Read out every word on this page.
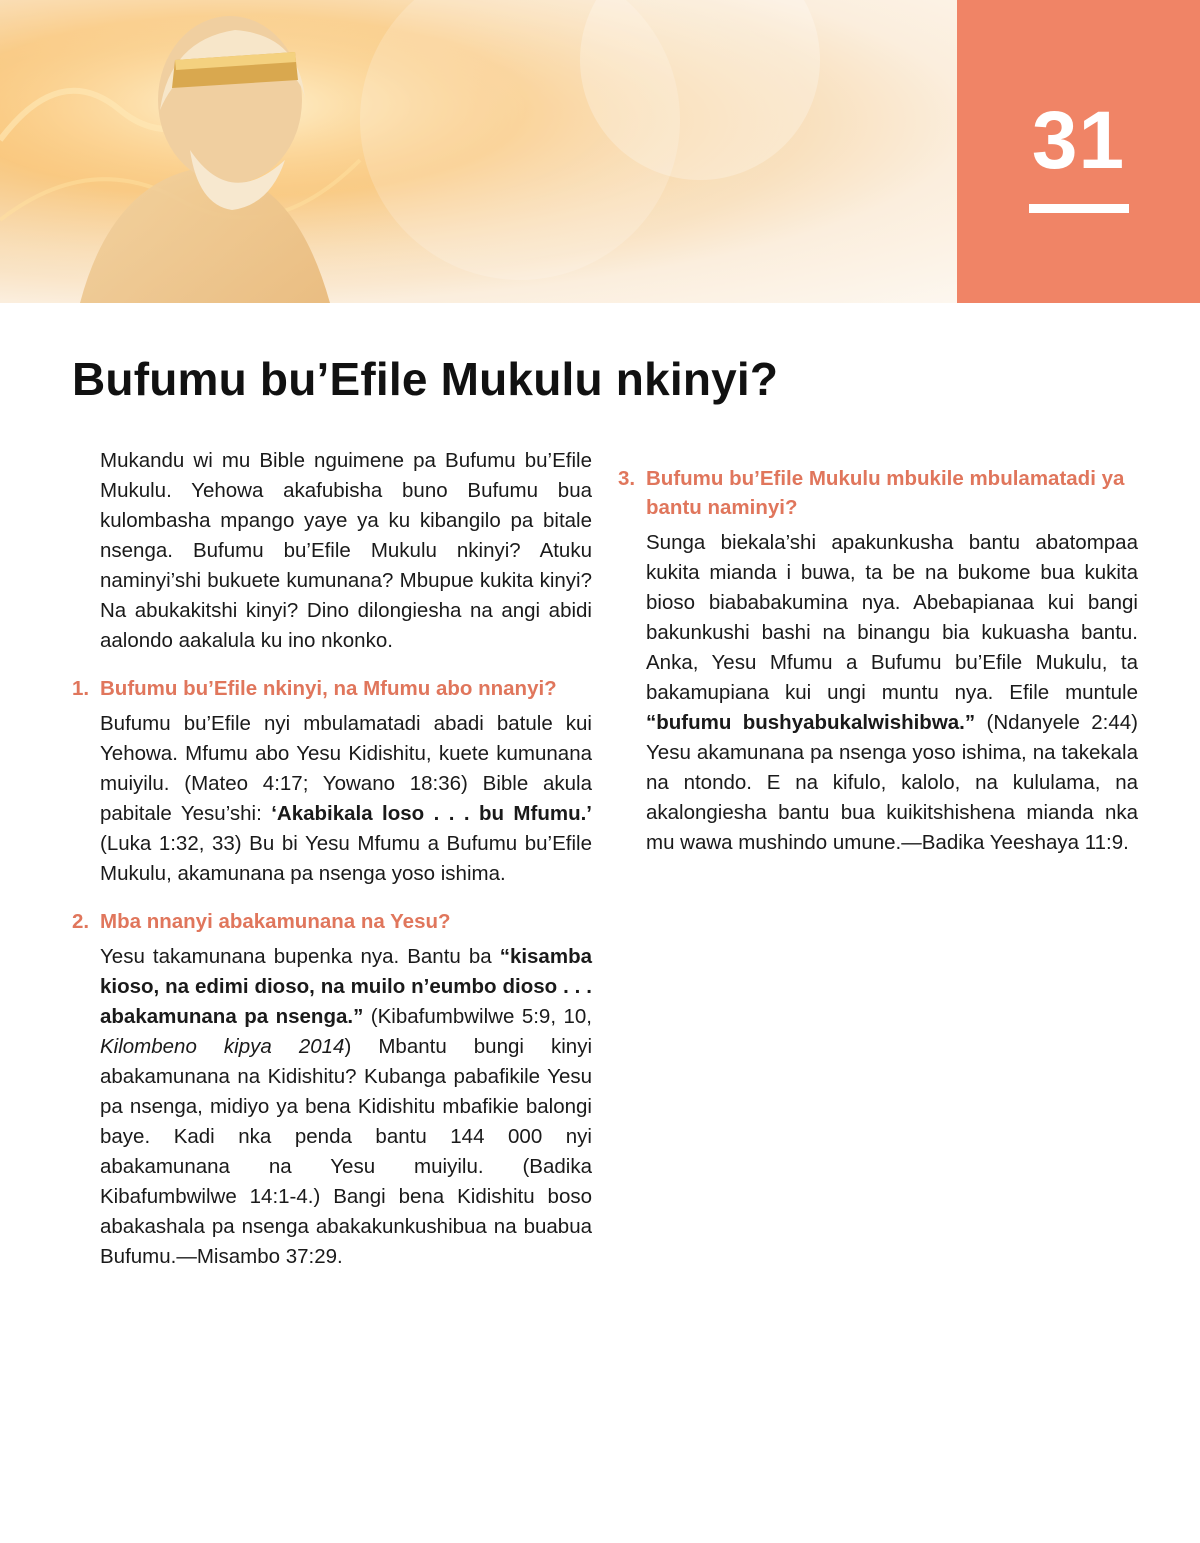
31
Bufumu bu’Efile Mukulu nkinyi?

Mukandu wi mu Bible nguimene pa Bufumu bu’Efile Mukulu. Yehowa akafubisha buno Bufumu bua kulombasha mpango yaye ya ku kibangilo pa bitale nsenga. Bufumu bu’Efile Mukulu nkinyi? Atuku naminyi’shi bukuete kumunana? Mbupue kukita kinyi? Na abukakitshi kinyi? Dino dilongiesha na angi abidi aalondo aakalula ku ino nkonko.

1. Bufumu bu’Efile nkinyi, na Mfumu abo nnanyi?

Bufumu bu’Efile nyi mbulamatadi abadi batule kui Yehowa. Mfumu abo Yesu Kidishitu, kuete kumunana muiyilu. (Mateo 4:17; Yowano 18:36) Bible akula pabitale Yesu’shi: ‘Akabikala loso . . . bu Mfumu.’ (Luka 1:32, 33) Bu bi Yesu Mfumu a Bufumu bu’Efile Mukulu, akamunana pa nsenga yoso ishima.

2. Mba nnanyi abakamunana na Yesu?

Yesu takamunana bupenka nya. Bantu ba “kisamba kioso, na edimi dioso, na muilo n’eumbo dioso . . . abakamunana pa nsenga.” (Kibafumbwilwe 5:9, 10, Kilombeno kipya 2014) Mbantu bungi kinyi abakamunana na Kidishitu? Kubanga pabafikile Yesu pa nsenga, midiyo ya bena Kidishitu mbafikie balongi baye. Kadi nka penda bantu 144 000 nyi abakamunana na Yesu muiyilu. (Badika Kibafumbwilwe 14:1-4.) Bangi bena Kidishitu boso abakashala pa nsenga abakakunkushibua na buabua Bufumu.—Misambo 37:29.

3. Bufumu bu’Efile Mukulu mbukile mbulamatadi ya bantu naminyi?

Sunga biekala’shi apakunkusha bantu abatompaa kukita mianda i buwa, ta be na bukome bua kukita bioso biababakumina nya. Abebapianaa kui bangi bakunkushi bashi na binangu bia kukuasha bantu. Anka, Yesu Mfumu a Bufumu bu’Efile Mukulu, ta bakamupiana kui ungi muntu nya. Efile muntule “bufumu bushyabukalwishibwa.” (Ndanyele 2:44) Yesu akamunana pa nsenga yoso ishima, na takekala na ntondo. E na kifulo, kalolo, na kululama, na akalongiesha bantu bua kuikitshishena mianda nka mu wawa mushindo umune.—Badika Yeeshaya 11:9.
